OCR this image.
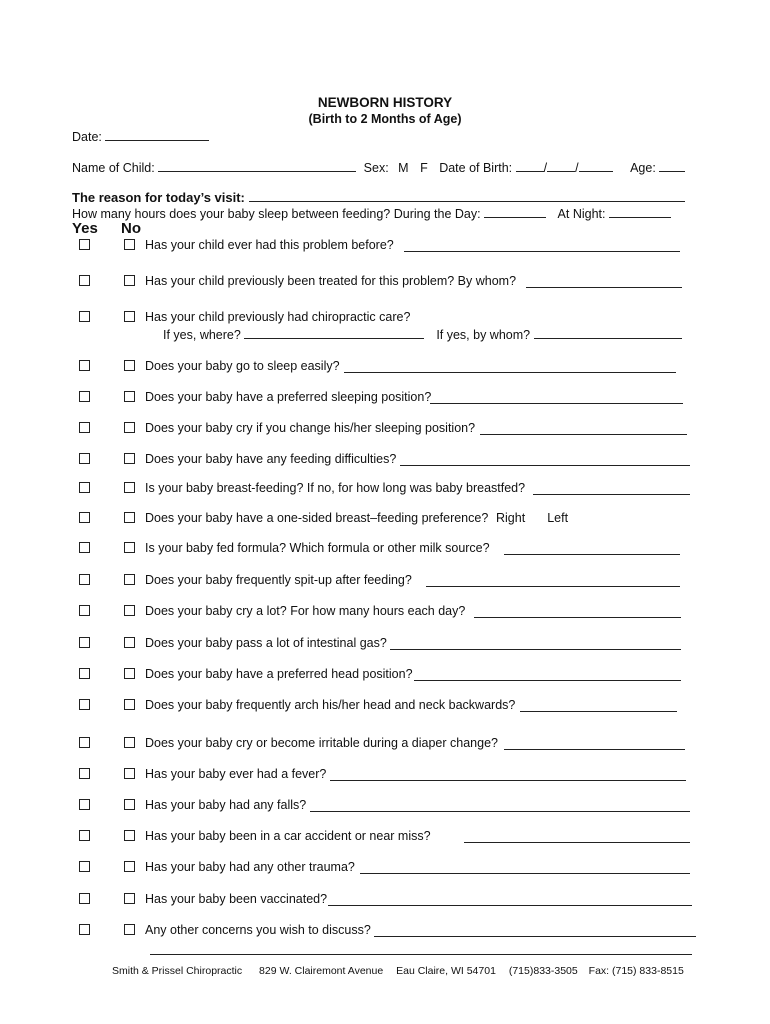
NEWBORN HISTORY
(Birth to 2 Months of Age)
Date:
Name of Child:	Sex: M F Date of Birth:	/ /	Age:
The reason for today’s visit:
How many hours does your baby sleep between feeding? During the Day:	At Night:
Yes No
Has your child ever had this problem before?
Has your child previously been treated for this problem? By whom?
Has your child previously had chiropractic care?
If yes, where?	If yes, by whom?
Does your baby go to sleep easily?
Does your baby have a preferred sleeping position?
Does your baby cry if you change his/her sleeping position?
Does your baby have any feeding difficulties?
Is your baby breast-feeding? If no, for how long was baby breastfed?
Does your baby have a one-sided breast–feeding preference? Right Left
Is your baby fed formula? Which formula or other milk source?
Does your baby frequently spit-up after feeding?
Does your baby cry a lot? For how many hours each day?
Does your baby pass a lot of intestinal gas?
Does your baby have a preferred head position?
Does your baby frequently arch his/her head and neck backwards?
Does your baby cry or become irritable during a diaper change?
Has your baby ever had a fever?
Has your baby had any falls?
Has your baby been in a car accident or near miss?
Has your baby had any other trauma?
Has your baby been vaccinated?
Any other concerns you wish to discuss?
Smith & Prissel Chiropractic 829 W. Clairemont Avenue Eau Claire, WI 54701 (715)833-3505 Fax: (715) 833-8515
